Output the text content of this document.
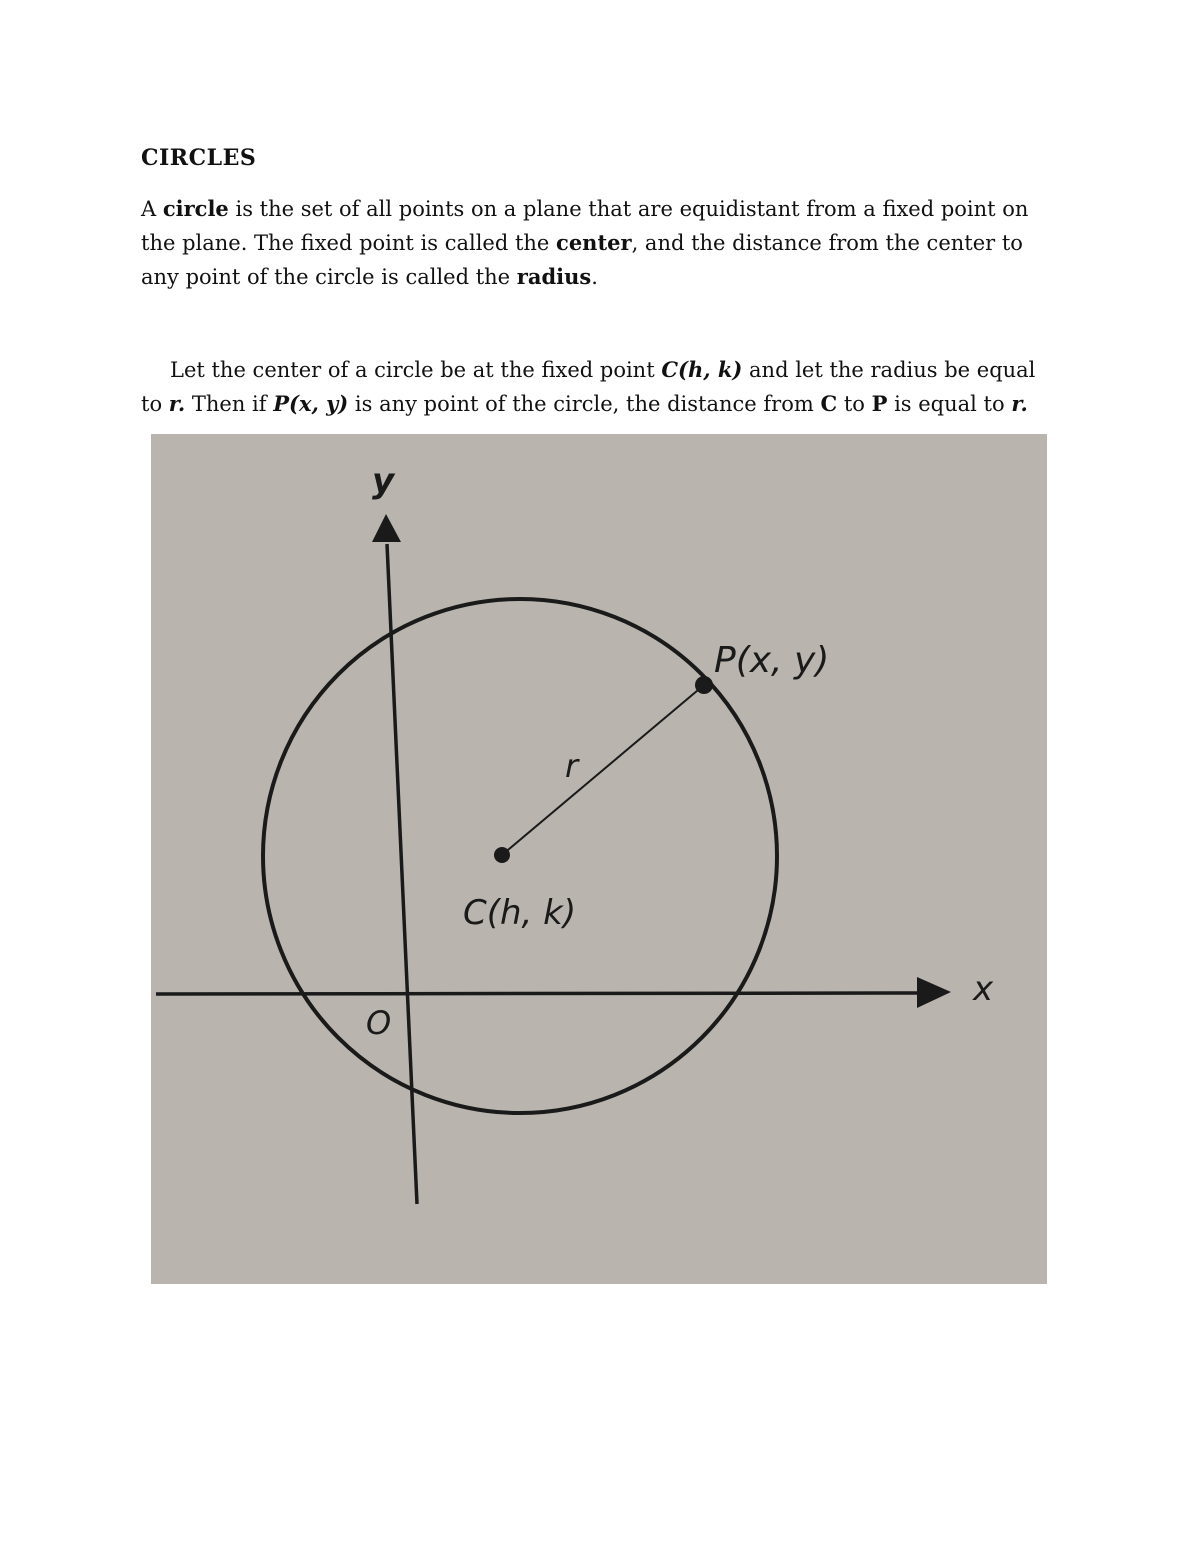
CIRCLES
A circle is the set of all points on a plane that are equidistant from a fixed point on the plane. The fixed point is called the center, and the distance from the center to any point of the circle is called the radius.
Let the center of a circle be at the fixed point C(h, k) and let the radius be equal to r. Then if P(x, y) is any point of the circle, the distance from C to P is equal to r.
y
x
O
P(x, y)
C(h, k)
r
